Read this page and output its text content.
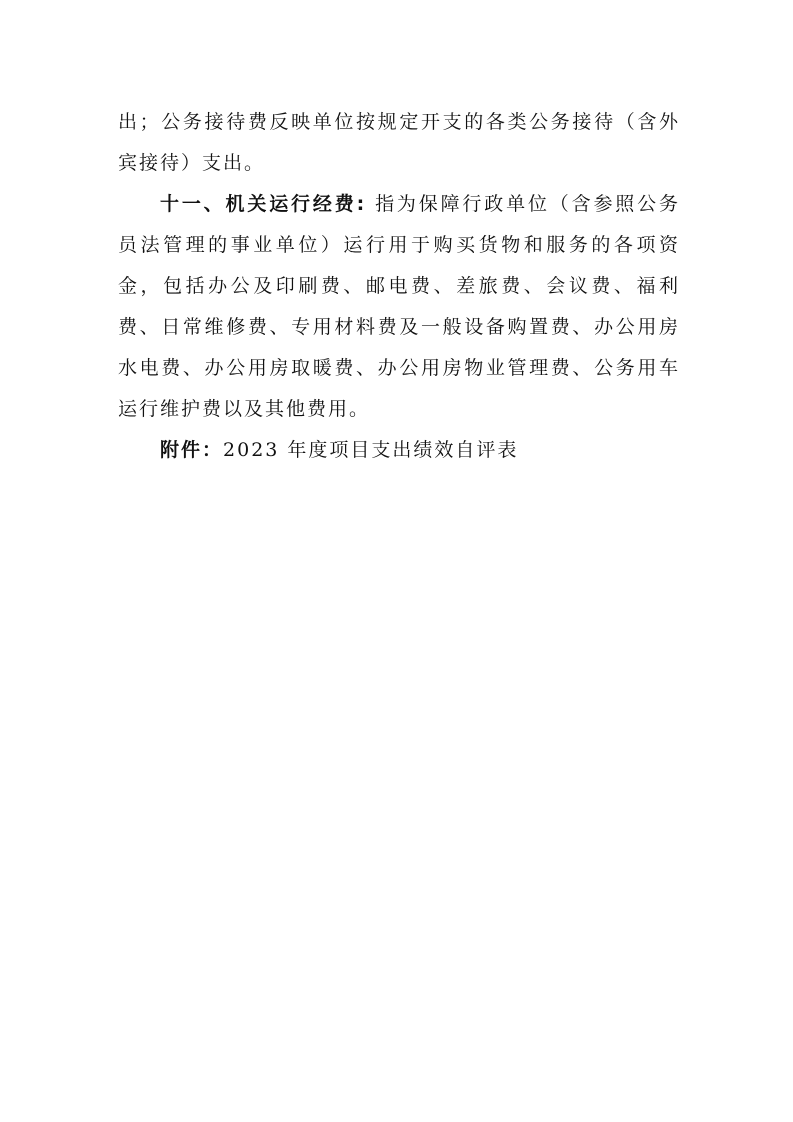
出；公务接待费反映单位按规定开支的各类公务接待（含外宾接待）支出。

十一、机关运行经费: 指为保障行政单位（含参照公务员法管理的事业单位）运行用于购买货物和服务的各项资金，包括办公及印刷费、邮电费、差旅费、会议费、福利费、日常维修费、专用材料费及一般设备购置费、办公用房水电费、办公用房取暖费、办公用房物业管理费、公务用车运行维护费以及其他费用。

附件：2023 年度项目支出绩效自评表
